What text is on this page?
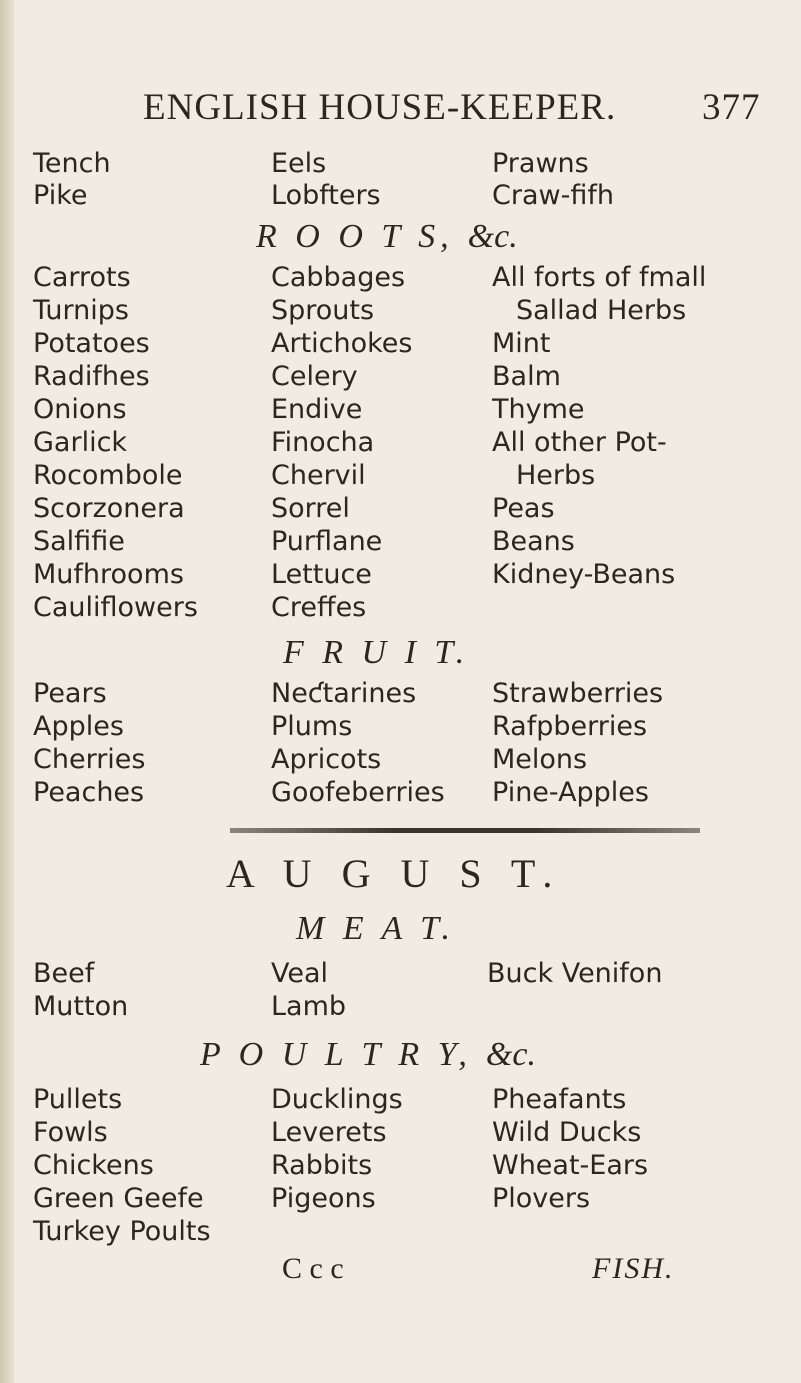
ENGLISH HOUSE-KEEPER. 377
Tench
Pike
Eels
Lobfters
Prawns
Craw-fifh
R O O T S, &c.
Carrots
Turnips
Potatoes
Radifhes
Onions
Garlick
Rocombole
Scorzonera
Salfifie
Mufhrooms
Cauliflowers
Cabbages
Sprouts
Artichokes
Celery
Endive
Finocha
Chervil
Sorrel
Purflane
Lettuce
Creffes
All forts of fmall
Sallad Herbs
Mint
Balm
Thyme
All other Pot-
Herbs
Peas
Beans
Kidney-Beans
F R U I T.
Pears
Apples
Cherries
Peaches
Neƈtarines
Plums
Apricots
Goofeberries
Strawberries
Rafpberries
Melons
Pine-Apples
A U G U S T.
M E A T.
Beef
Mutton
Veal
Lamb
Buck Venifon
P O U L T R Y, &c.
Pullets
Fowls
Chickens
Green Geefe
Turkey Poults
Ducklings
Leverets
Rabbits
Pigeons
Pheafants
Wild Ducks
Wheat-Ears
Plovers
C c c	FISH.
